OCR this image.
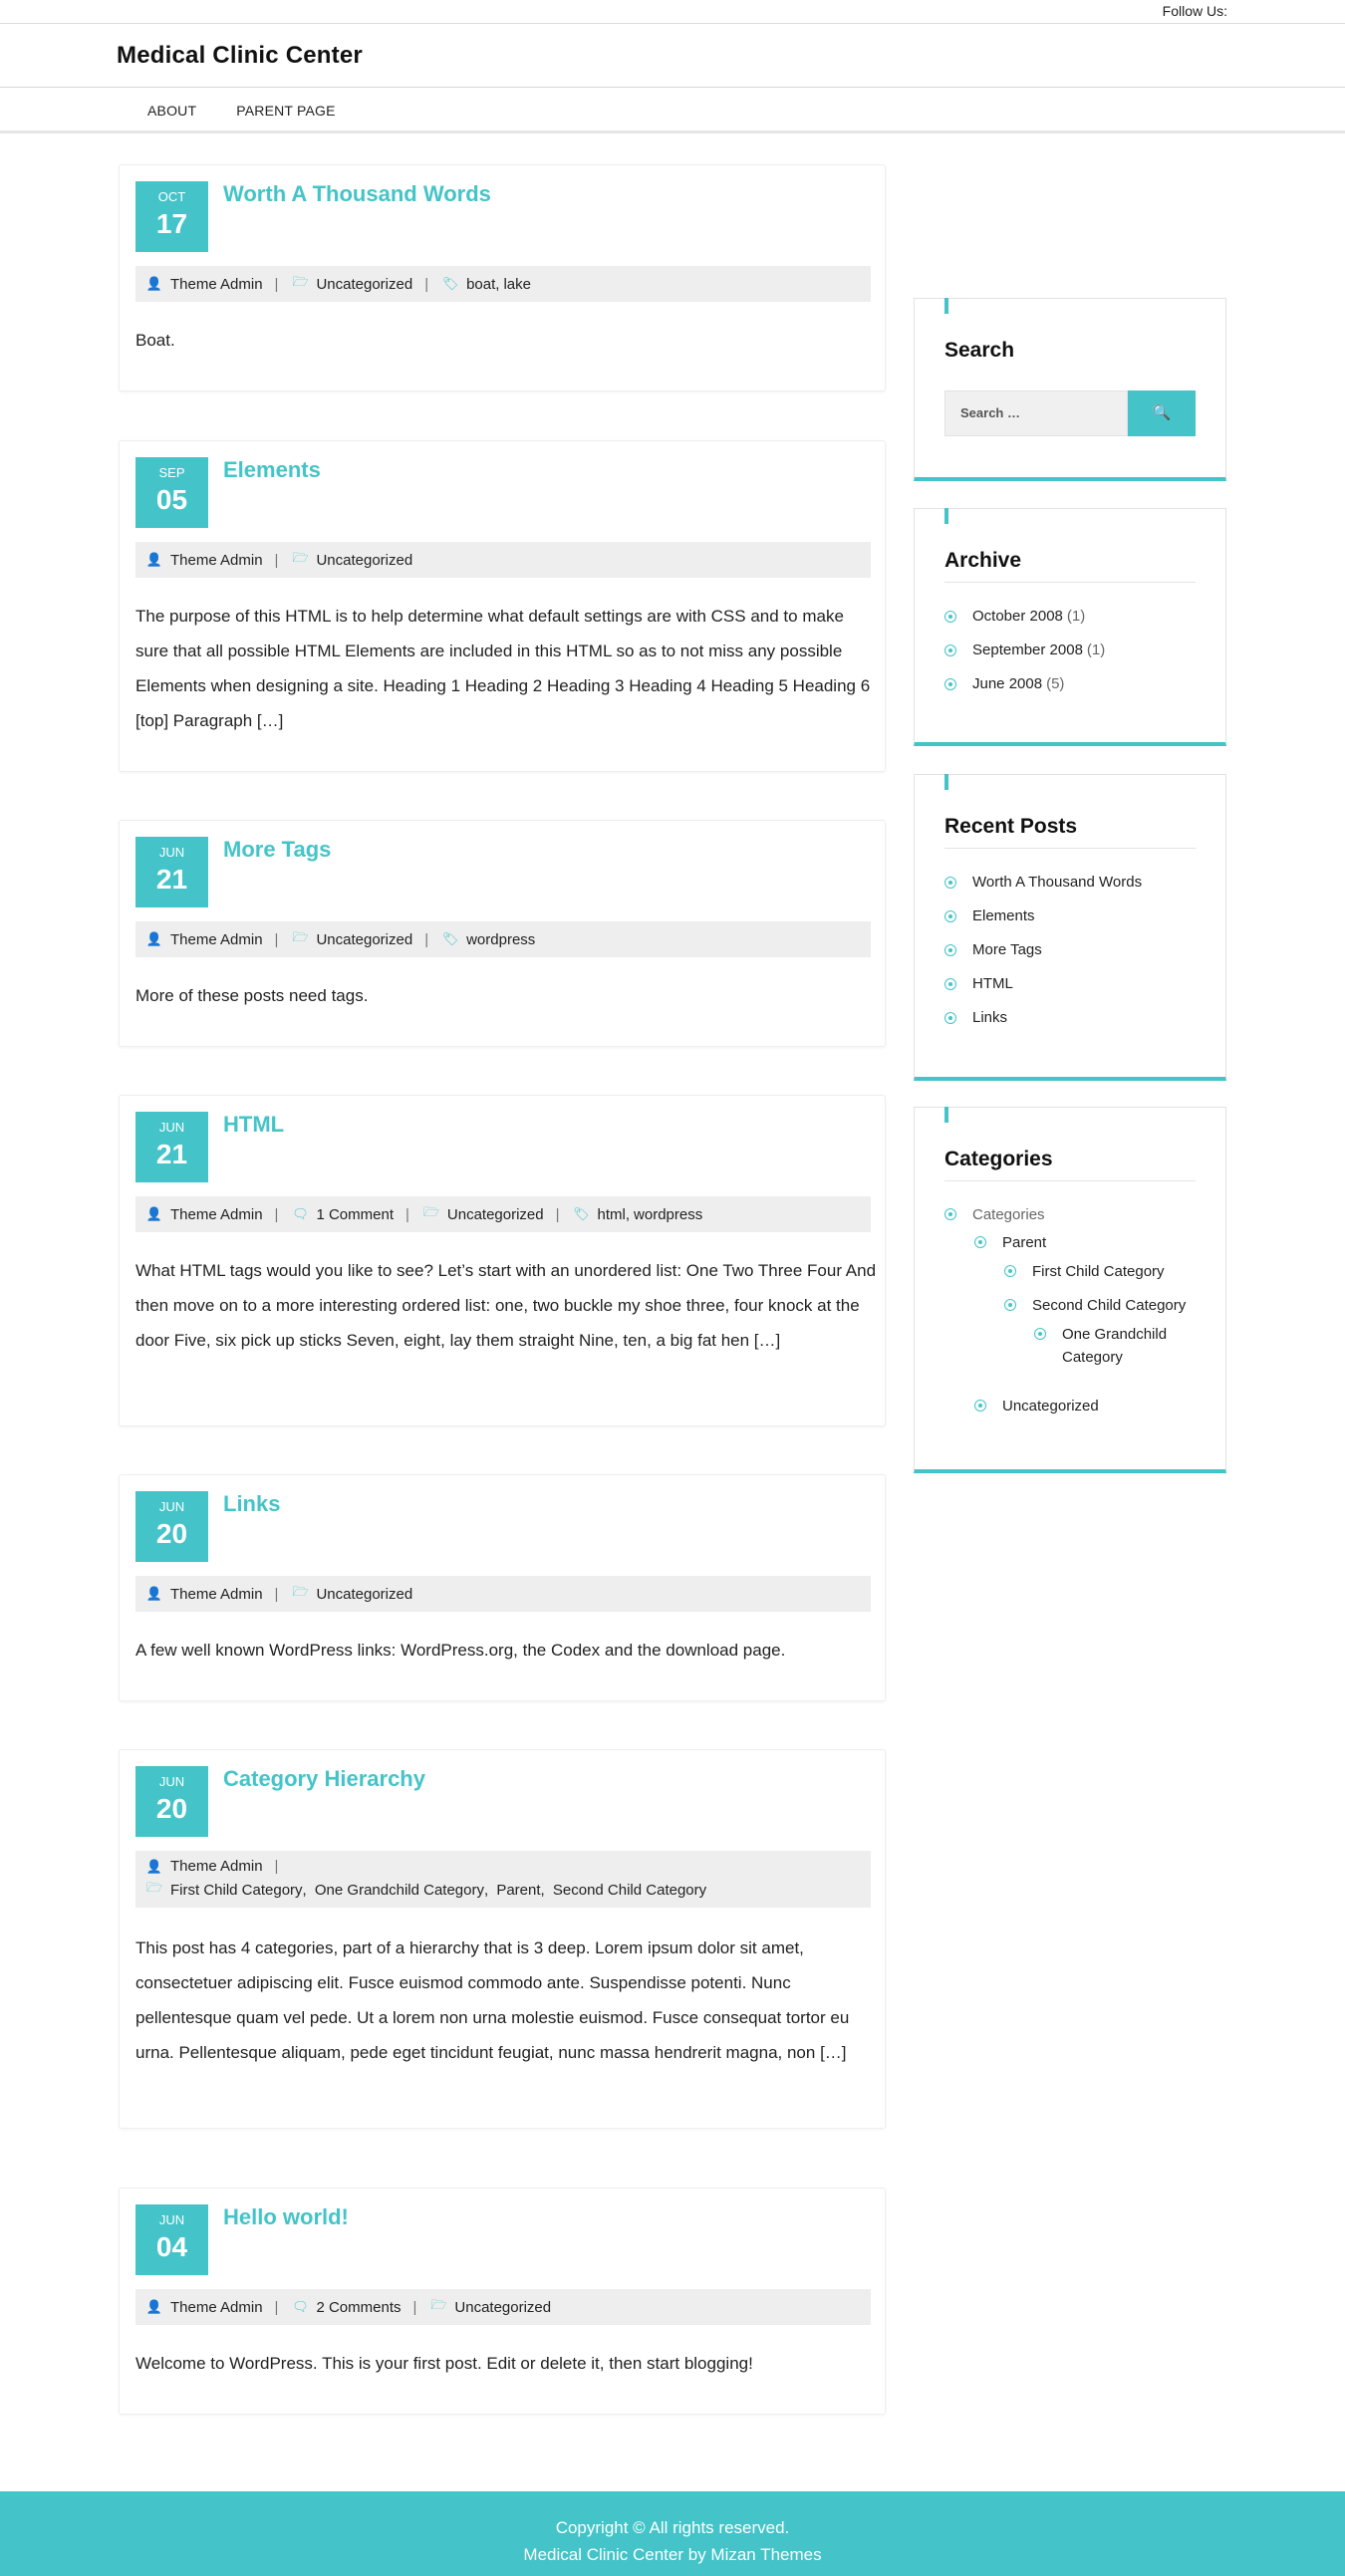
Follow Us:
Medical Clinic Center
ABOUT	PARENT PAGE
OCT
17
Worth A Thousand Words
👤 Theme Admin | 🗁 Uncategorized | 🏷 boat , lake

Boat.

SEP
05
Elements
👤 Theme Admin | 🗁 Uncategorized

The purpose of this HTML is to help determine what default settings are with CSS and to make sure that all possible HTML Elements are included in this HTML so as to not miss any possible Elements when designing a site. Heading 1 Heading 2 Heading 3 Heading 4 Heading 5 Heading 6 [top] Paragraph […]

JUN
21
More Tags
👤 Theme Admin | 🗁 Uncategorized | 🏷 wordpress

More of these posts need tags.

JUN
21
HTML
👤 Theme Admin | 🗨 1 Comment | 🗁 Uncategorized | 🏷 html , wordpress

What HTML tags would you like to see? Let’s start with an unordered list: One Two Three Four And then move on to a more interesting ordered list: one, two buckle my shoe three, four knock at the door Five, six pick up sticks Seven, eight, lay them straight Nine, ten, a big fat hen […]

JUN
20
Links
👤 Theme Admin | 🗁 Uncategorized

A few well known WordPress links: WordPress.org, the Codex and the download page.

JUN
20
Category Hierarchy
👤 Theme Admin |
🗁 First Child Category ,
One Grandchild Category ,
Parent ,
Second Child Category

This post has 4 categories, part of a hierarchy that is 3 deep. Lorem ipsum dolor sit amet, consectetuer adipiscing elit. Fusce euismod commodo ante. Suspendisse potenti. Nunc pellentesque quam vel pede. Ut a lorem non urna molestie euismod. Fusce consequat tortor eu urna. Pellentesque aliquam, pede eget tincidunt feugiat, nunc massa hendrerit magna, non […]

JUN
04
Hello world!
👤 Theme Admin | 🗨 2 Comments | 🗁 Uncategorized

Welcome to WordPress. This is your first post. Edit or delete it, then start blogging!

Search
Search …	🔍
Archive
October 2008 (1)
September 2008 (1)
June 2008 (5)
Recent Posts
Worth A Thousand Words
Elements
More Tags
HTML
Links
Categories
Categories
Parent
First Child Category
Second Child Category
One Grandchild
Category
Uncategorized
Copyright © All rights reserved.
Medical Clinic Center by Mizan Themes
